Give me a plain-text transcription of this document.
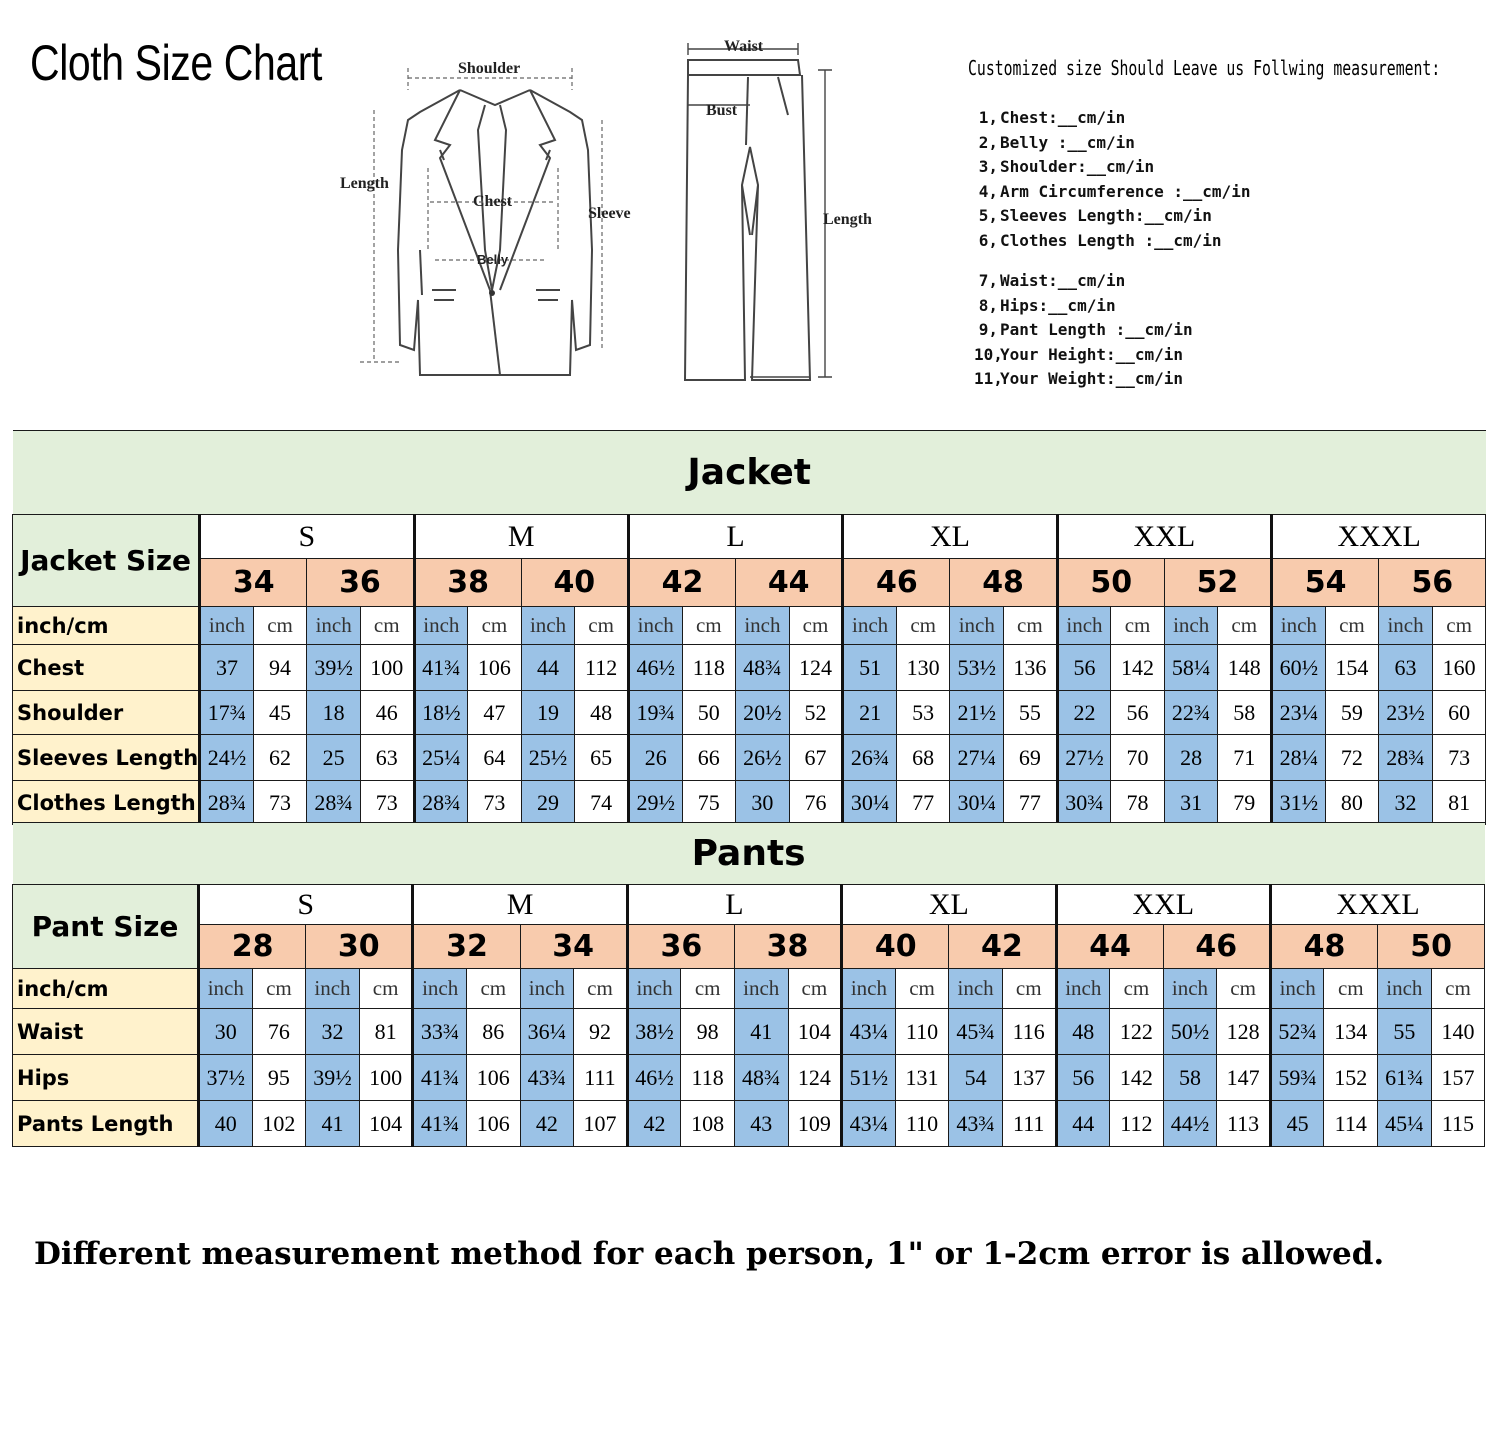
Cloth Size Chart	Shoulder
Length
Chest
Sleeve
Belly
Waist
Bust
Length
Customized size Should Leave us Follwing measurement:
1, Chest:__cm/in
2, Belly :__cm/in
3, Shoulder:__cm/in
4, Arm Circumference :__cm/in
5, Sleeves Length:__cm/in
6, Clothes Length :__cm/in
7, Waist:__cm/in
8, Hips:__cm/in
9, Pant Length :__cm/in
10,Your Height:__cm/in
11,Your Weight:__cm/in
Jacket																								
Jacket Size	S				M				L				XL				XXL				XXXL			
	34		36		38		40		42		44		46		48		50		52		54		56	
inch/cm	inch	cm	inch	cm	inch	cm	inch	cm	inch	cm	inch	cm	inch	cm	inch	cm	inch	cm	inch	cm	inch	cm	inch	cm
Chest	37	94	39½	100	41¾	106	44	112	46½	118	48¾	124	51	130	53½	136	56	142	58¼	148	60½	154	63	160
Shoulder	17¾	45	18	46	18½	47	19	48	19¾	50	20½	52	21	53	21½	55	22	56	22¾	58	23¼	59	23½	60
Sleeves Length	24½	62	25	63	25¼	64	25½	65	26	66	26½	67	26¾	68	27¼	69	27½	70	28	71	28¼	72	28¾	73
Clothes Length	28¾	73	28¾	73	28¾	73	29	74	29½	75	30	76	30¼	77	30¼	77	30¾	78	31	79	31½	80	32	81
Pants																								
Pant Size	S				M				L				XL				XXL				XXXL			
	28		30		32		34		36		38		40		42		44		46		48		50	
inch/cm	inch	cm	inch	cm	inch	cm	inch	cm	inch	cm	inch	cm	inch	cm	inch	cm	inch	cm	inch	cm	inch	cm	inch	cm
Waist	30	76	32	81	33¾	86	36¼	92	38½	98	41	104	43¼	110	45¾	116	48	122	50½	128	52¾	134	55	140
Hips	37½	95	39½	100	41¾	106	43¾	111	46½	118	48¾	124	51½	131	54	137	56	142	58	147	59¾	152	61¾	157
Pants Length	40	102	41	104	41¾	106	42	107	42	108	43	109	43¼	110	43¾	111	44	112	44½	113	45	114	45¼	115
Different measurement method for each person, 1" or 1-2cm error is allowed.
